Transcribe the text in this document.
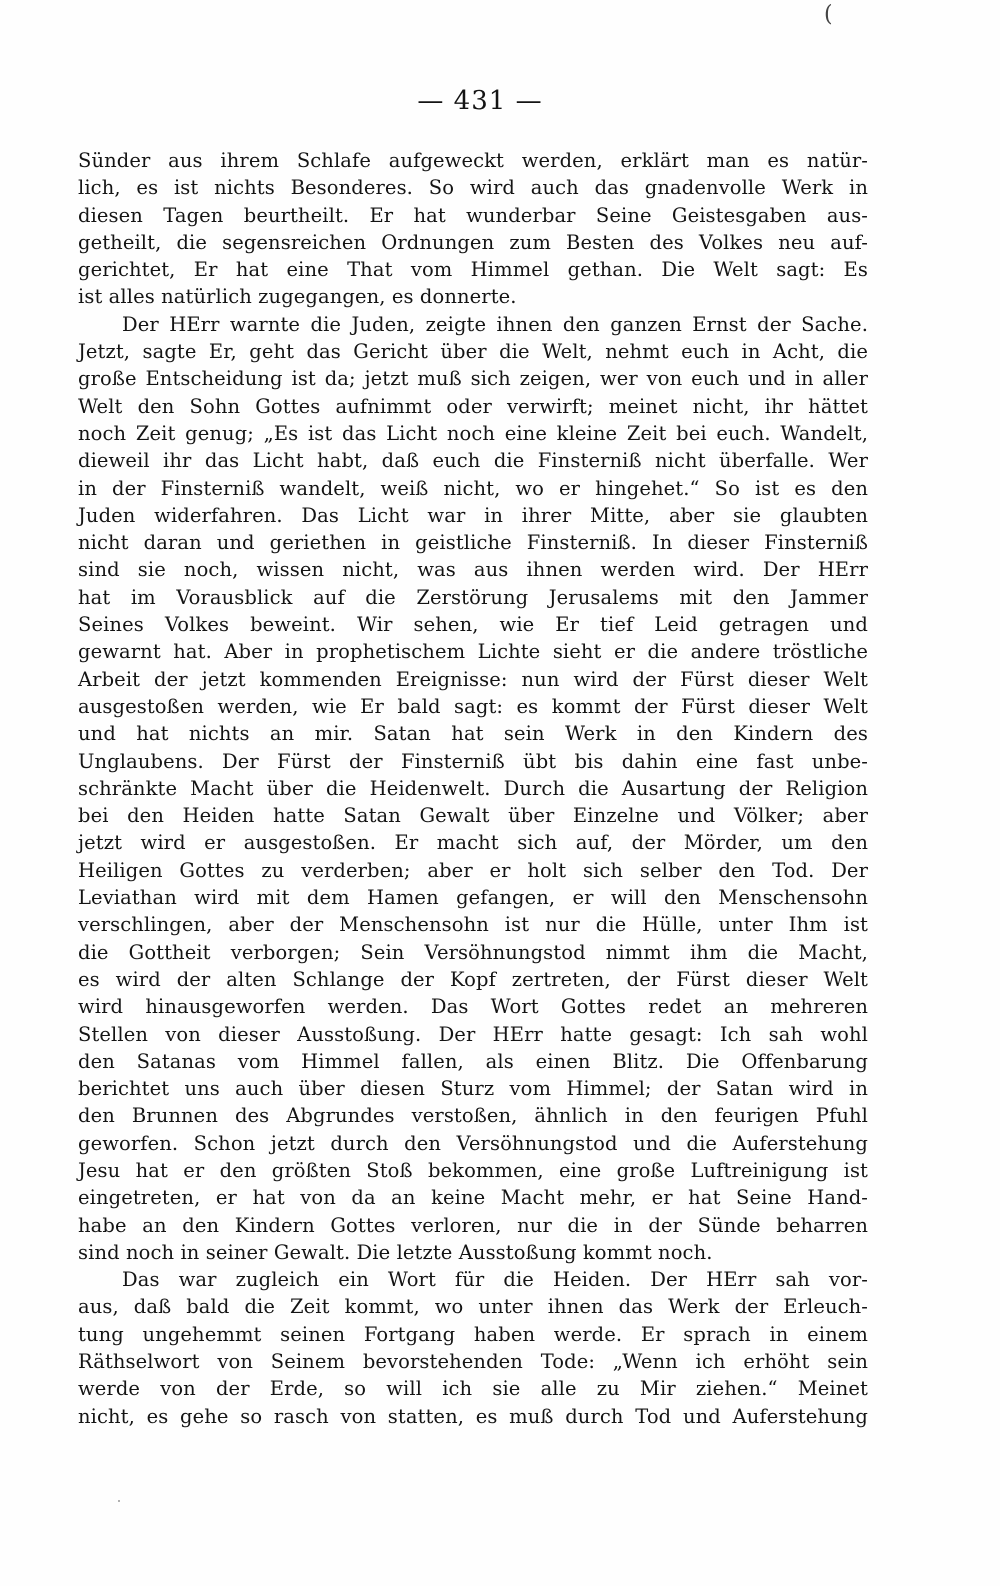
(
— 431 —
Sünder aus ihrem Schlafe aufgeweckt werden, erklärt man es natür-
lich, es ist nichts Besonderes. So wird auch das gnadenvolle Werk in
diesen Tagen beurtheilt. Er hat wunderbar Seine Geistesgaben aus-
getheilt, die segensreichen Ordnungen zum Besten des Volkes neu auf-
gerichtet, Er hat eine That vom Himmel gethan. Die Welt sagt: Es
ist alles natürlich zugegangen, es donnerte.
Der HErr warnte die Juden, zeigte ihnen den ganzen Ernst der Sache.
Jetzt, sagte Er, geht das Gericht über die Welt, nehmt euch in Acht, die
große Entscheidung ist da; jetzt muß sich zeigen, wer von euch und in aller
Welt den Sohn Gottes aufnimmt oder verwirft; meinet nicht, ihr hättet
noch Zeit genug; „Es ist das Licht noch eine kleine Zeit bei euch. Wandelt,
dieweil ihr das Licht habt, daß euch die Finsterniß nicht überfalle. Wer
in der Finsterniß wandelt, weiß nicht, wo er hingehet.“ So ist es den
Juden widerfahren. Das Licht war in ihrer Mitte, aber sie glaubten
nicht daran und geriethen in geistliche Finsterniß. In dieser Finsterniß
sind sie noch, wissen nicht, was aus ihnen werden wird. Der HErr
hat im Vorausblick auf die Zerstörung Jerusalems mit den Jammer
Seines Volkes beweint. Wir sehen, wie Er tief Leid getragen und
gewarnt hat. Aber in prophetischem Lichte sieht er die andere tröstliche
Arbeit der jetzt kommenden Ereignisse: nun wird der Fürst dieser Welt
ausgestoßen werden, wie Er bald sagt: es kommt der Fürst dieser Welt
und hat nichts an mir. Satan hat sein Werk in den Kindern des
Unglaubens. Der Fürst der Finsterniß übt bis dahin eine fast unbe-
schränkte Macht über die Heidenwelt. Durch die Ausartung der Religion
bei den Heiden hatte Satan Gewalt über Einzelne und Völker; aber
jetzt wird er ausgestoßen. Er macht sich auf, der Mörder, um den
Heiligen Gottes zu verderben; aber er holt sich selber den Tod. Der
Leviathan wird mit dem Hamen gefangen, er will den Menschensohn
verschlingen, aber der Menschensohn ist nur die Hülle, unter Ihm ist
die Gottheit verborgen; Sein Versöhnungstod nimmt ihm die Macht,
es wird der alten Schlange der Kopf zertreten, der Fürst dieser Welt
wird hinausgeworfen werden. Das Wort Gottes redet an mehreren
Stellen von dieser Ausstoßung. Der HErr hatte gesagt: Ich sah wohl
den Satanas vom Himmel fallen, als einen Blitz. Die Offenbarung
berichtet uns auch über diesen Sturz vom Himmel; der Satan wird in
den Brunnen des Abgrundes verstoßen, ähnlich in den feurigen Pfuhl
geworfen. Schon jetzt durch den Versöhnungstod und die Auferstehung
Jesu hat er den größten Stoß bekommen, eine große Luftreinigung ist
eingetreten, er hat von da an keine Macht mehr, er hat Seine Hand-
habe an den Kindern Gottes verloren, nur die in der Sünde beharren
sind noch in seiner Gewalt. Die letzte Ausstoßung kommt noch.
Das war zugleich ein Wort für die Heiden. Der HErr sah vor-
aus, daß bald die Zeit kommt, wo unter ihnen das Werk der Erleuch-
tung ungehemmt seinen Fortgang haben werde. Er sprach in einem
Räthselwort von Seinem bevorstehenden Tode: „Wenn ich erhöht sein
werde von der Erde, so will ich sie alle zu Mir ziehen.“ Meinet
nicht, es gehe so rasch von statten, es muß durch Tod und Auferstehung
